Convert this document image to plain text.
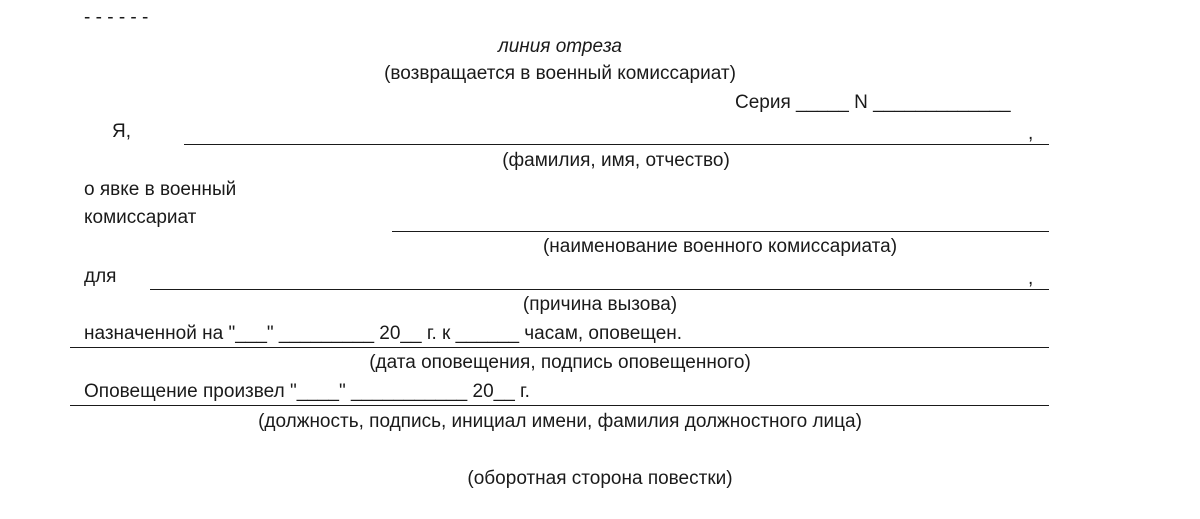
- - - - - -
линия отреза
(возвращается в военный комиссариат)
Серия _____ N _____________
Я,	,
(фамилия, имя, отчество)
о явке в военный
комиссариат
(наименование военного комиссариата)
для	,
(причина вызова)
назначенной на "___" _________ 20__ г. к ______ часам, оповещен.
(дата оповещения, подпись оповещенного)
Оповещение произвел "____" ___________ 20__ г.
(должность, подпись, инициал имени, фамилия должностного лица)
(оборотная сторона повестки)
